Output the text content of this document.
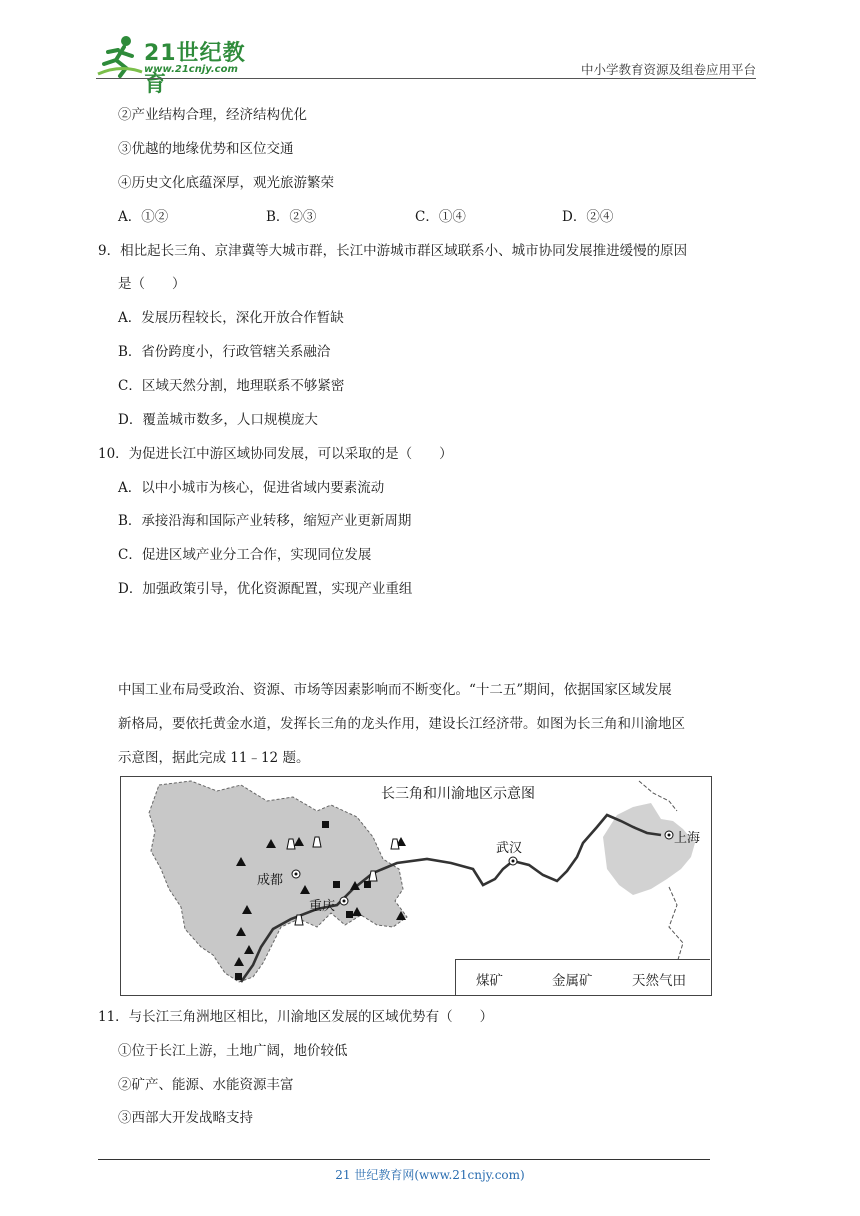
21世纪教育
www.21cnjy.com	中小学教育资源及组卷应用平台
②产业结构合理，经济结构优化
③优越的地缘优势和区位交通
④历史文化底蕴深厚，观光旅游繁荣
A．①②	B．②③	C．①④	D．②④
9．相比起长三角、京津冀等大城市群，长江中游城市群区域联系小、城市协同发展推进缓慢的原因
是（　　）
A．发展历程较长，深化开放合作暂缺
B．省份跨度小，行政管辖关系融洽
C．区域天然分割，地理联系不够紧密
D．覆盖城市数多，人口规模庞大
10．为促进长江中游区域协同发展，可以采取的是（　　）
A．以中小城市为核心，促进省域内要素流动
B．承接沿海和国际产业转移，缩短产业更新周期
C．促进区域产业分工合作，实现同位发展
D．加强政策引导，优化资源配置，实现产业重组
中国工业布局受政治、资源、市场等因素影响而不断变化。“十二五”期间，依据国家区域发展
新格局，要依托黄金水道，发挥长三角的龙头作用，建设长江经济带。如图为长三角和川渝地区
示意图，据此完成 11﹣12 题。
长三角和川渝地区示意图
成都
重庆
武汉
上海
煤矿	金属矿	天然气田
11．与长江三角洲地区相比，川渝地区发展的区域优势有（　　）
①位于长江上游，土地广阔，地价较低
②矿产、能源、水能资源丰富
③西部大开发战略支持
21 世纪教育网(www.21cnjy.com)
